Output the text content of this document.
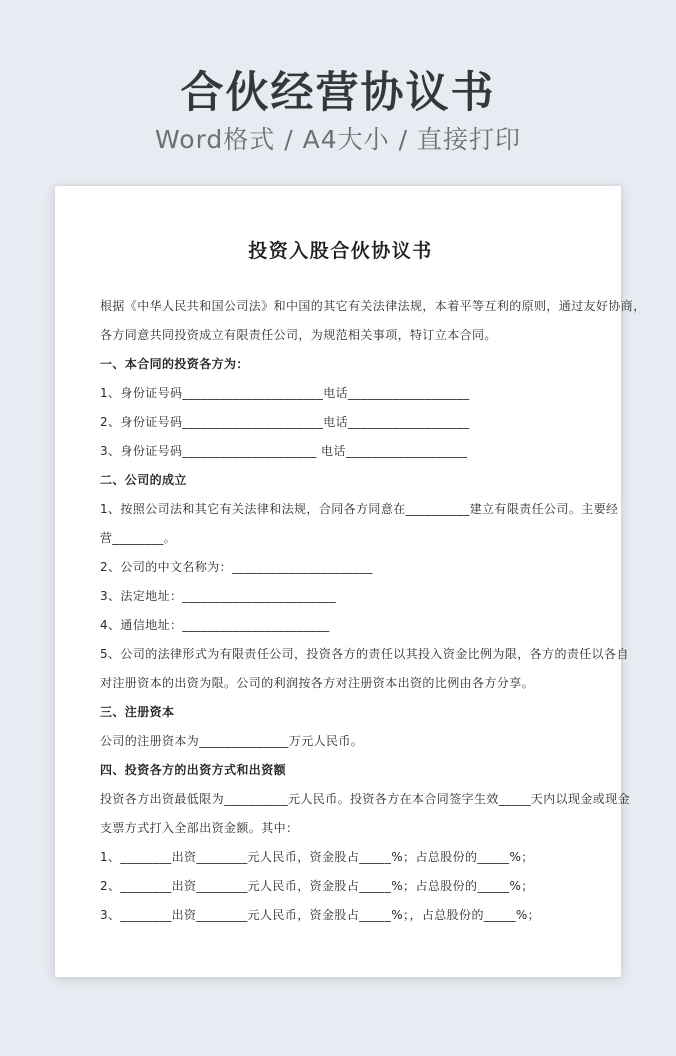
合伙经营协议书
Word格式 / A4大小 / 直接打印
投资入股合伙协议书
根据《中华人民共和国公司法》和中国的其它有关法律法规，本着平等互利的原则，通过友好协商，
各方同意共同投资成立有限责任公司，为规范相关事项，特订立本合同。
一、本合同的投资各方为：
1、身份证号码______________________电话___________________
2、身份证号码______________________电话___________________
3、身份证号码_____________________ 电话___________________
二、公司的成立
1、按照公司法和其它有关法律和法规，合同各方同意在__________建立有限责任公司。主要经
营________。
2、公司的中文名称为：______________________
3、法定地址：________________________
4、通信地址：_______________________
5、公司的法律形式为有限责任公司，投资各方的责任以其投入资金比例为限，各方的责任以各自
对注册资本的出资为限。公司的利润按各方对注册资本出资的比例由各方分享。
三、注册资本
公司的注册资本为______________万元人民币。
四、投资各方的出资方式和出资额
投资各方出资最低限为__________元人民币。投资各方在本合同签字生效_____天内以现金或现金
支票方式打入全部出资金额。其中：
1、________出资________元人民币，资金股占_____%；占总股份的_____%；
2、________出资________元人民币，资金股占_____%；占总股份的_____%；
3、________出资________元人民币，资金股占_____%；，占总股份的_____%；
